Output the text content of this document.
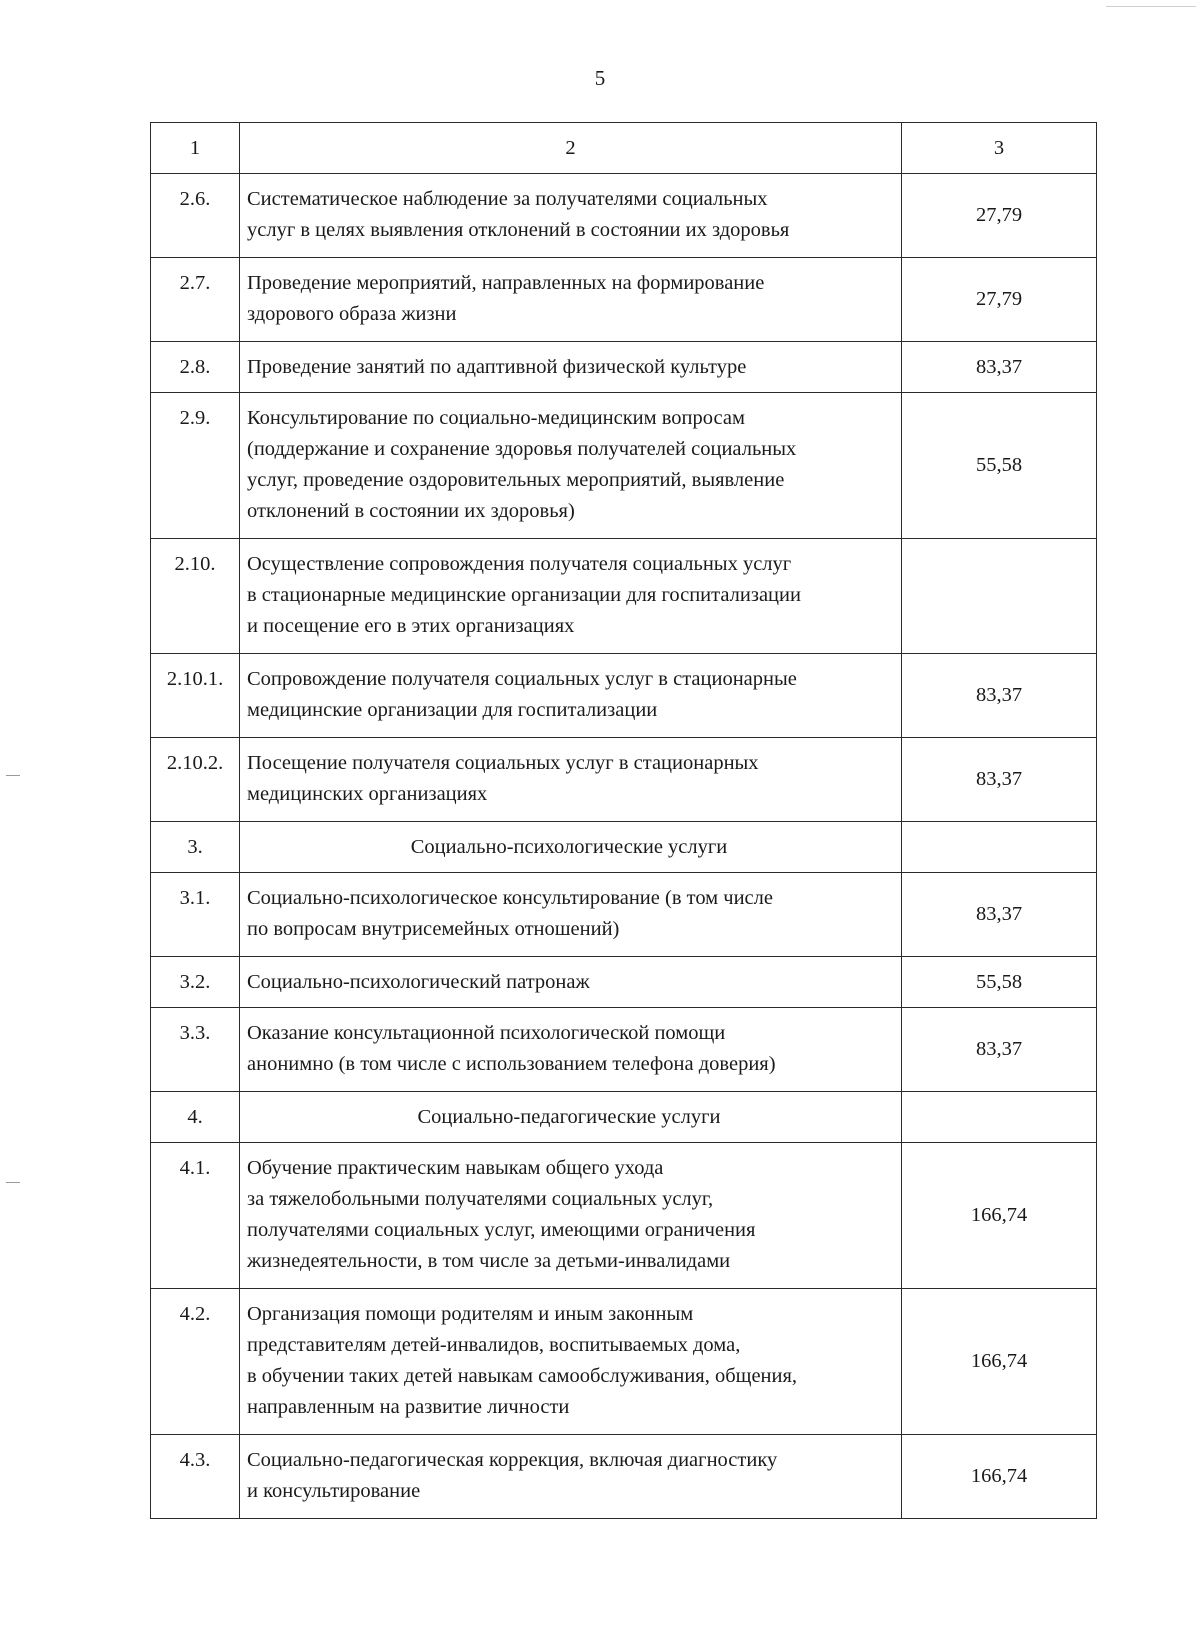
5
1	2	3
2.6.	Систематическое наблюдение за получателями социальных
услуг в целях выявления отклонений в состоянии их здоровья	27,79
2.7.	Проведение мероприятий, направленных на формирование
здорового образа жизни	27,79
2.8.	Проведение занятий по адаптивной физической культуре	83,37
2.9.	Консультирование по социально-медицинским вопросам
(поддержание и сохранение здоровья получателей социальных
услуг, проведение оздоровительных мероприятий, выявление
отклонений в состоянии их здоровья)	55,58
2.10.	Осуществление сопровождения получателя социальных услуг
в стационарные медицинские организации для госпитализации
и посещение его в этих организациях	
2.10.1.	Сопровождение получателя социальных услуг в стационарные
медицинские организации для госпитализации	83,37
2.10.2.	Посещение получателя социальных услуг в стационарных
медицинских организациях	83,37
3.	Социально-психологические услуги	
3.1.	Социально-психологическое консультирование (в том числе
по вопросам внутрисемейных отношений)	83,37
3.2.	Социально-психологический патронаж	55,58
3.3.	Оказание консультационной психологической помощи
анонимно (в том числе с использованием телефона доверия)	83,37
4.	Социально-педагогические услуги	
4.1.	Обучение практическим навыкам общего ухода
за тяжелобольными получателями социальных услуг,
получателями социальных услуг, имеющими ограничения
жизнедеятельности, в том числе за детьми-инвалидами	166,74
4.2.	Организация помощи родителям и иным законным
представителям детей-инвалидов, воспитываемых дома,
в обучении таких детей навыкам самообслуживания, общения,
направленным на развитие личности	166,74
4.3.	Социально-педагогическая коррекция, включая диагностику
и консультирование	166,74
